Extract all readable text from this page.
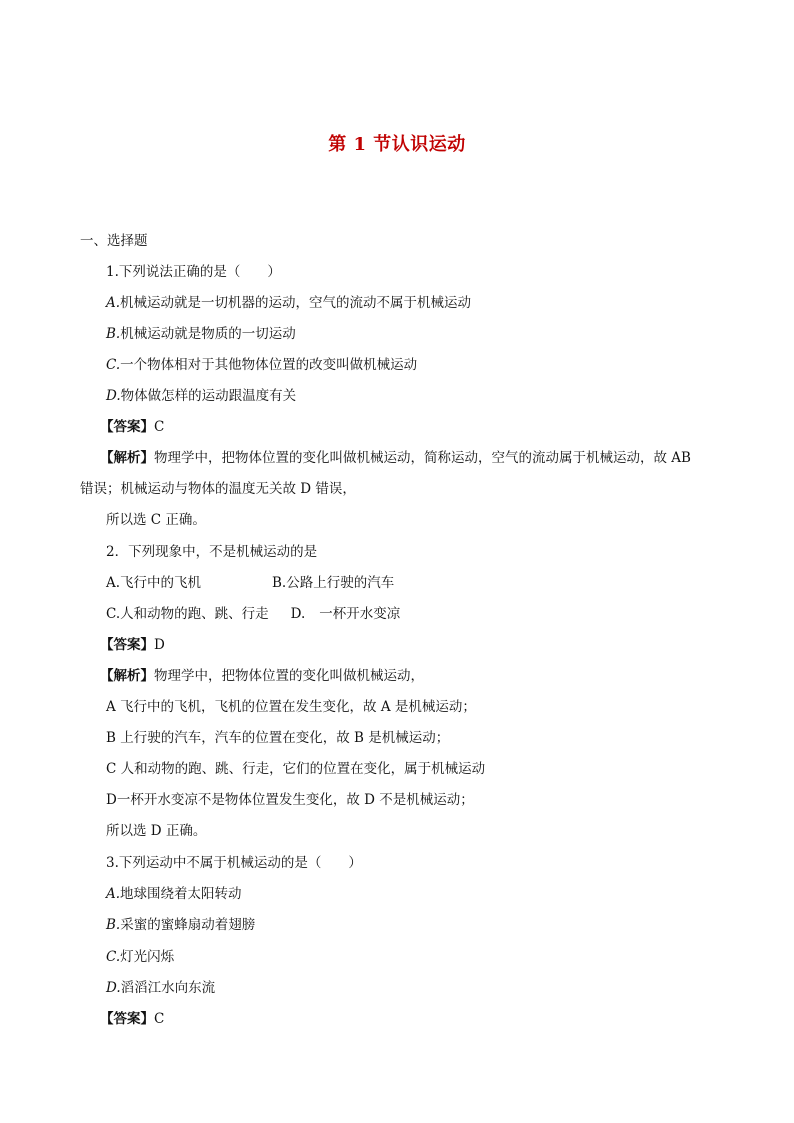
第 1 节认识运动
一、选择题
1.下列说法正确的是（　　）
A.机械运动就是一切机器的运动，空气的流动不属于机械运动
B.机械运动就是物质的一切运动
C.一个物体相对于其他物体位置的改变叫做机械运动
D.物体做怎样的运动跟温度有关
【答案】C
【解析】物理学中，把物体位置的变化叫做机械运动，简称运动，空气的流动属于机械运动，故 AB
错误；机械运动与物体的温度无关故 D 错误，
所以选 C 正确。
2．下列现象中，不是机械运动的是
A.飞行中的飞机	B.公路上行驶的汽车
C.人和动物的跑、跳、行走 D. 一杯开水变凉
【答案】D
【解析】物理学中，把物体位置的变化叫做机械运动，
A 飞行中的飞机，飞机的位置在发生变化，故 A 是机械运动；
B 上行驶的汽车，汽车的位置在变化，故 B 是机械运动；
C 人和动物的跑、跳、行走，它们的位置在变化，属于机械运动
D一杯开水变凉不是物体位置发生变化，故 D 不是机械运动；
所以选 D 正确。
3.下列运动中不属于机械运动的是（　　）
A.地球围绕着太阳转动
B.采蜜的蜜蜂扇动着翅膀
C.灯光闪烁
D.滔滔江水向东流
【答案】C
